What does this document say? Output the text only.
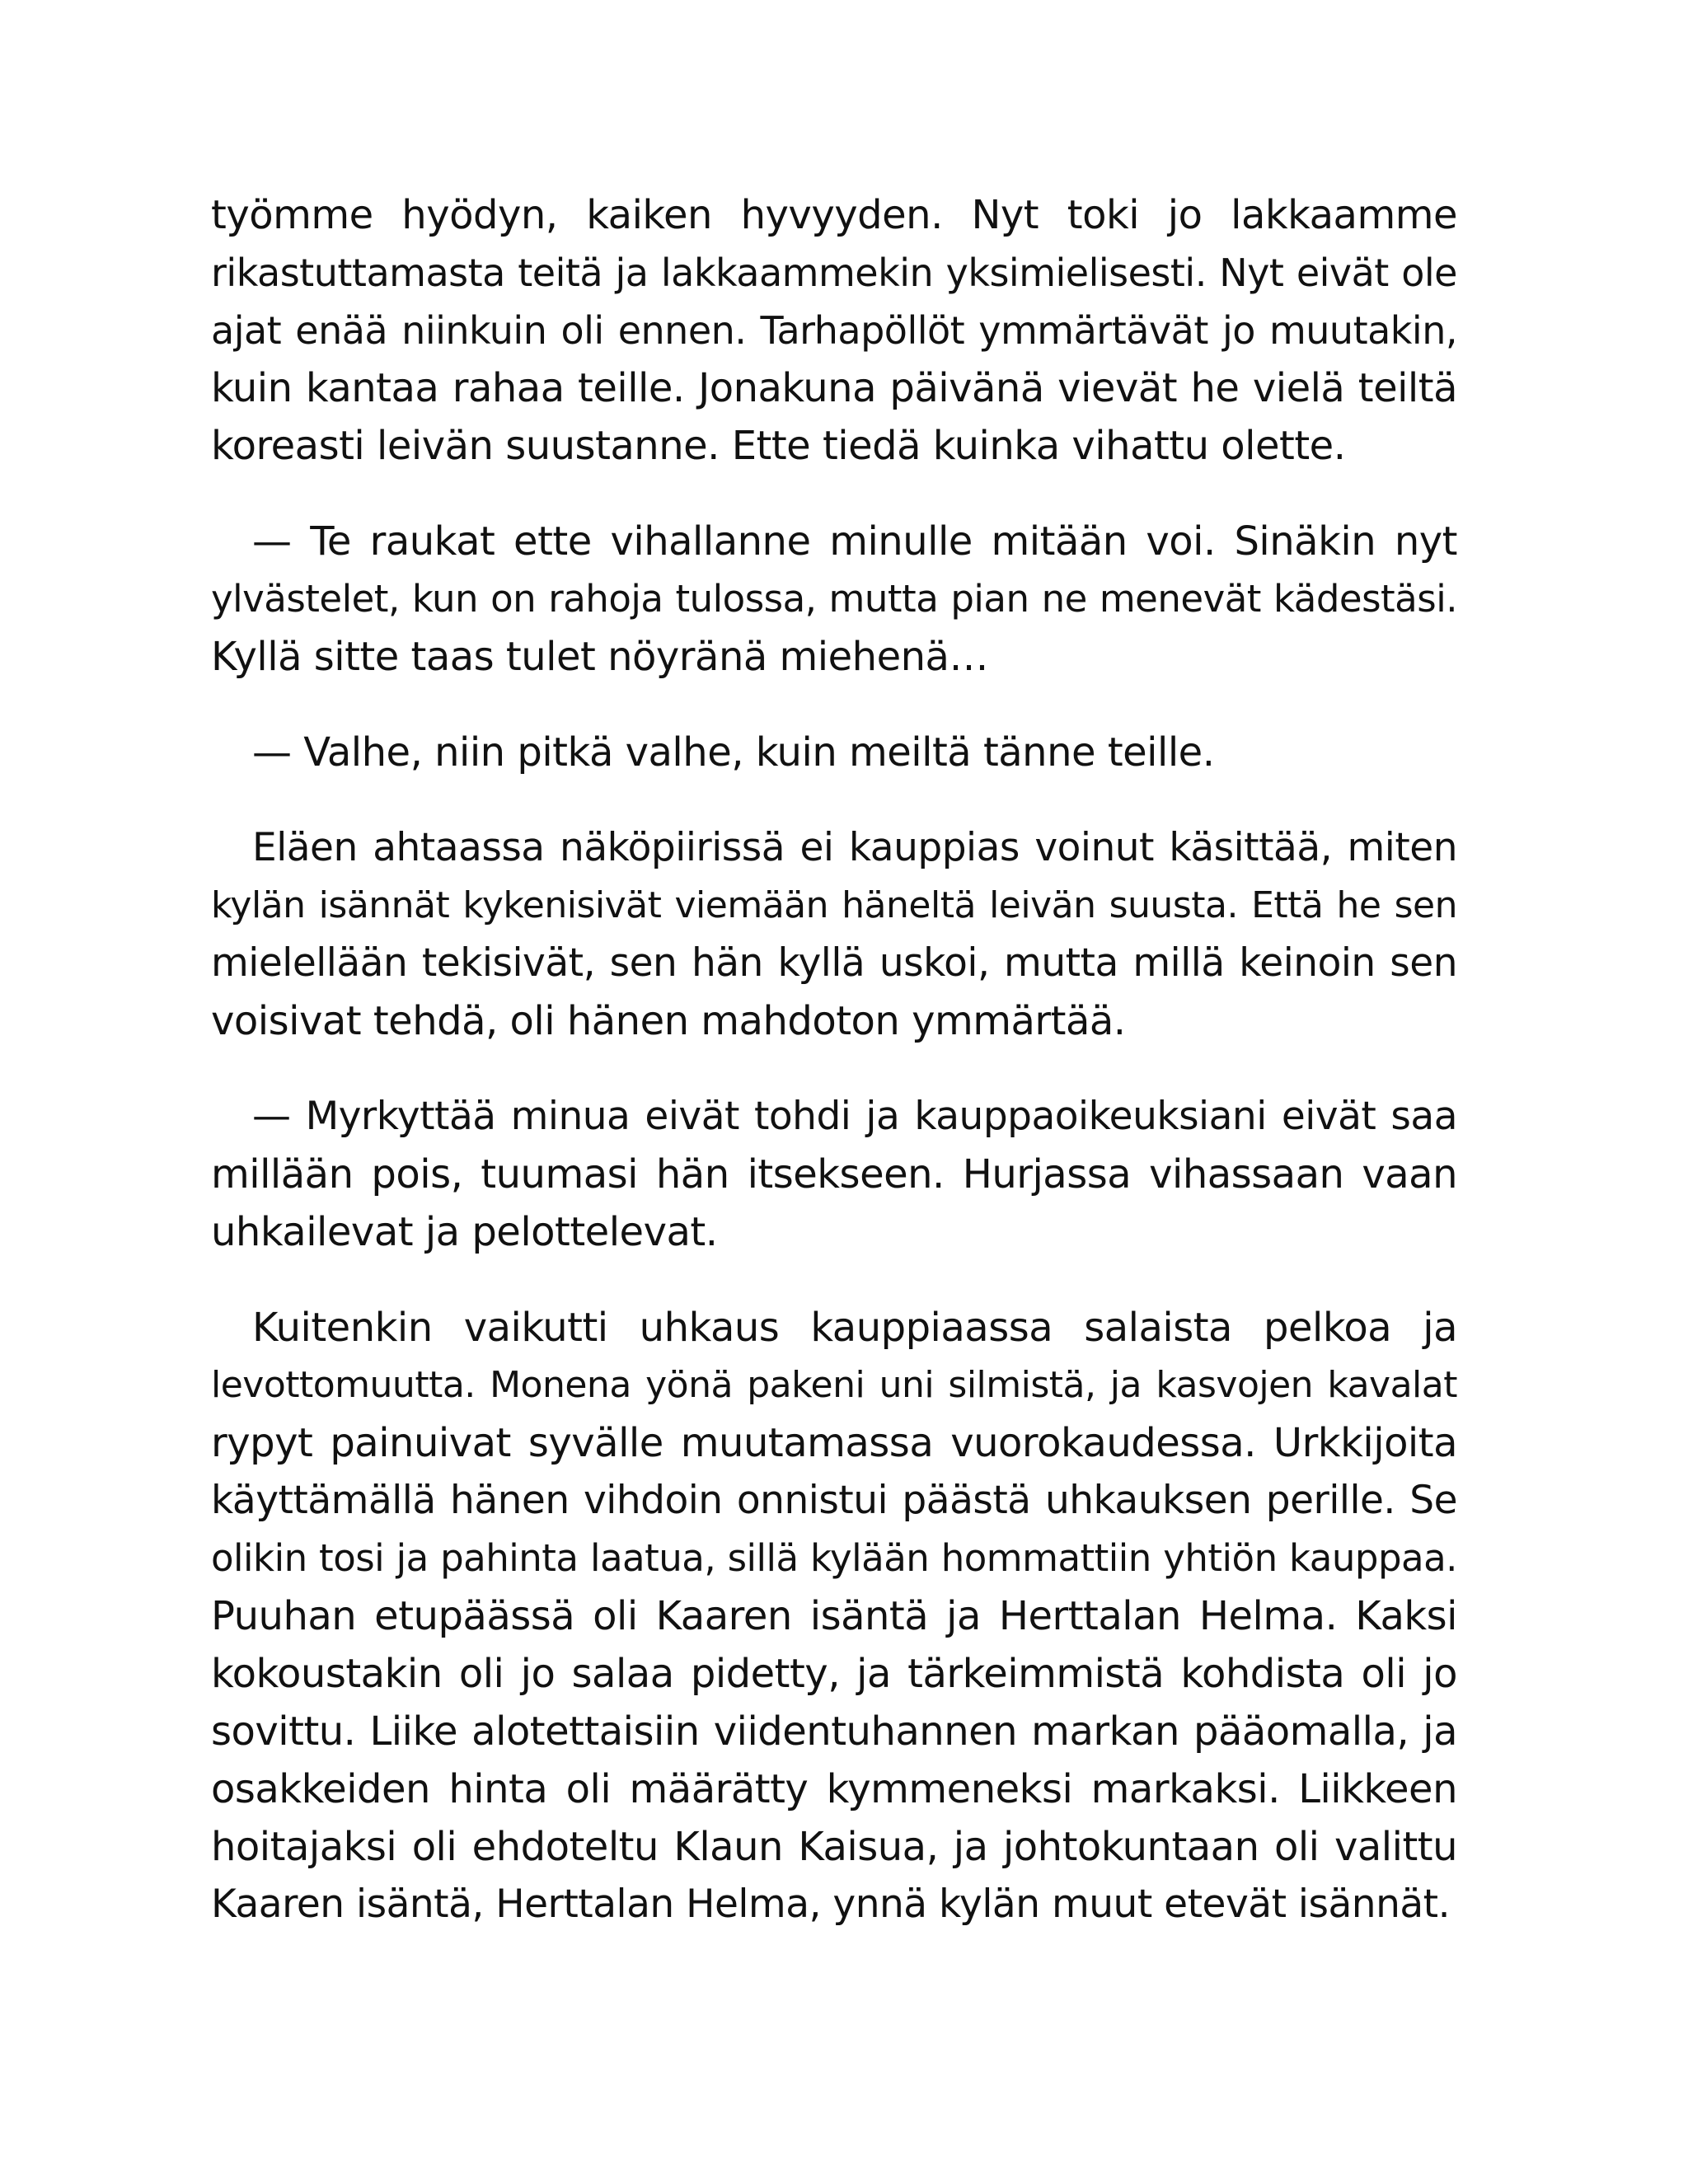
työmme hyödyn, kaiken hyvyyden. Nyt toki jo lakkaamme
rikastuttamasta teitä ja lakkaammekin yksimielisesti. Nyt eivät ole
ajat enää niinkuin oli ennen. Tarhapöllöt ymmärtävät jo muutakin,
kuin kantaa rahaa teille. Jonakuna päivänä vievät he vielä teiltä
koreasti leivän suustanne. Ette tiedä kuinka vihattu olette.
— Te raukat ette vihallanne minulle mitään voi. Sinäkin nyt
ylvästelet, kun on rahoja tulossa, mutta pian ne menevät kädestäsi.
Kyllä sitte taas tulet nöyränä miehenä…
— Valhe, niin pitkä valhe, kuin meiltä tänne teille.
Eläen ahtaassa näköpiirissä ei kauppias voinut käsittää, miten
kylän isännät kykenisivät viemään häneltä leivän suusta. Että he sen
mielellään tekisivät, sen hän kyllä uskoi, mutta millä keinoin sen
voisivat tehdä, oli hänen mahdoton ymmärtää.
— Myrkyttää minua eivät tohdi ja kauppaoikeuksiani eivät saa
millään pois, tuumasi hän itsekseen. Hurjassa vihassaan vaan
uhkailevat ja pelottelevat.
Kuitenkin vaikutti uhkaus kauppiaassa salaista pelkoa ja
levottomuutta. Monena yönä pakeni uni silmistä, ja kasvojen kavalat
rypyt painuivat syvälle muutamassa vuorokaudessa. Urkkijoita
käyttämällä hänen vihdoin onnistui päästä uhkauksen perille. Se
olikin tosi ja pahinta laatua, sillä kylään hommattiin yhtiön kauppaa.
Puuhan etupäässä oli Kaaren isäntä ja Herttalan Helma. Kaksi
kokoustakin oli jo salaa pidetty, ja tärkeimmistä kohdista oli jo
sovittu. Liike alotettaisiin viidentuhannen markan pääomalla, ja
osakkeiden hinta oli määrätty kymmeneksi markaksi. Liikkeen
hoitajaksi oli ehdoteltu Klaun Kaisua, ja johtokuntaan oli valittu
Kaaren isäntä, Herttalan Helma, ynnä kylän muut etevät isännät.
